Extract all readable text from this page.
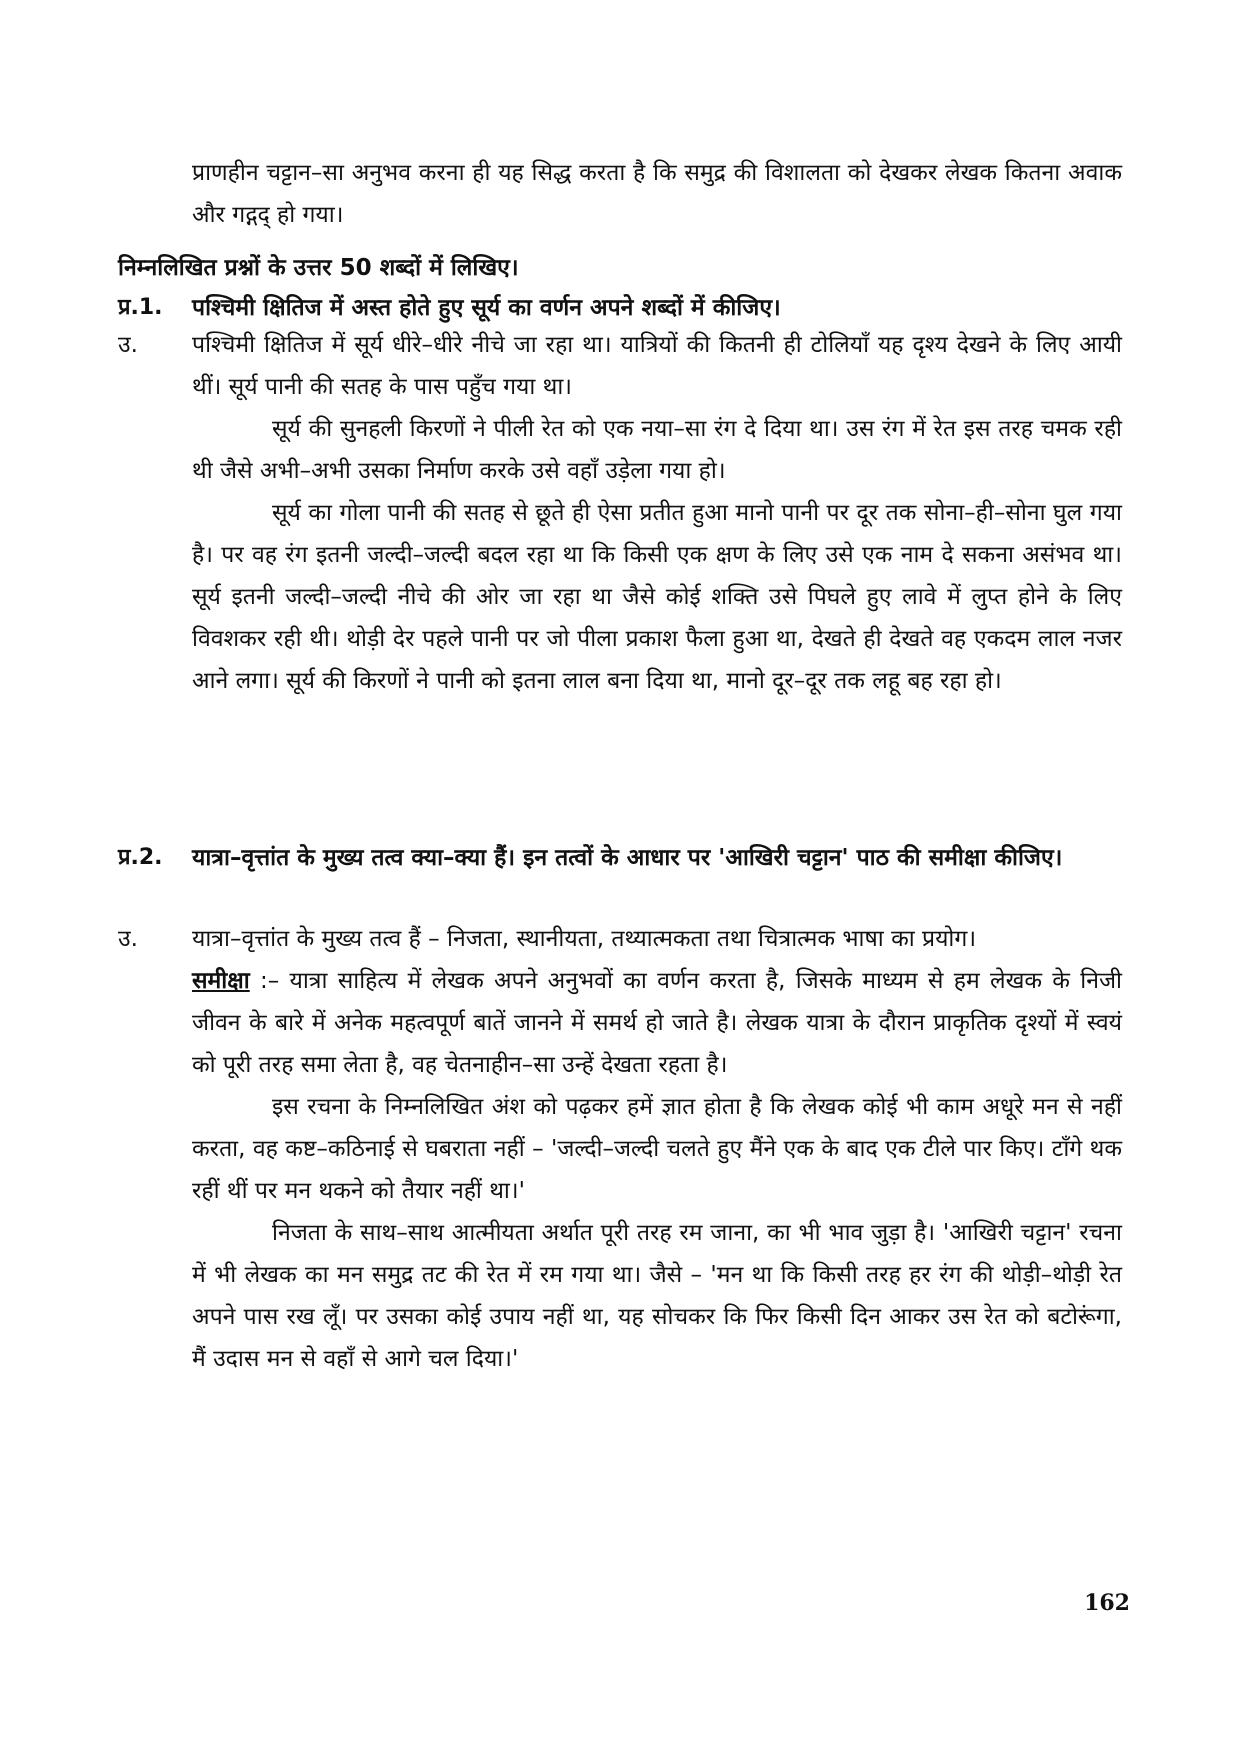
प्राणहीन चट्टान–सा अनुभव करना ही यह सिद्ध करता है कि समुद्र की विशालता को देखकर लेखक कितना अवाक और गद्गद् हो गया।

निम्नलिखित प्रश्नों के उत्तर 50 शब्दों में लिखिए।
प्र.1.	पश्चिमी क्षितिज में अस्त होते हुए सूर्य का वर्णन अपने शब्दों में कीजिए।
उ.	पश्चिमी क्षितिज में सूर्य धीरे–धीरे नीचे जा रहा था। यात्रियों की कितनी ही टोलियाँ यह दृश्य देखने के लिए आयी थीं। सूर्य पानी की सतह के पास पहुँच गया था।

सूर्य की सुनहली किरणों ने पीली रेत को एक नया–सा रंग दे दिया था। उस रंग में रेत इस तरह चमक रही थी जैसे अभी–अभी उसका निर्माण करके उसे वहाँ उड़ेला गया हो।

सूर्य का गोला पानी की सतह से छूते ही ऐसा प्रतीत हुआ मानो पानी पर दूर तक सोना–ही–सोना घुल गया है। पर वह रंग इतनी जल्दी–जल्दी बदल रहा था कि किसी एक क्षण के लिए उसे एक नाम दे सकना असंभव था। सूर्य इतनी जल्दी–जल्दी नीचे की ओर जा रहा था जैसे कोई शक्ति उसे पिघले हुए लावे में लुप्त होने के लिए विवशकर रही थी। थोड़ी देर पहले पानी पर जो पीला प्रकाश फैला हुआ था, देखते ही देखते वह एकदम लाल नजर आने लगा। सूर्य की किरणों ने पानी को इतना लाल बना दिया था, मानो दूर–दूर तक लहू बह रहा हो।

प्र.2.	यात्रा–वृत्तांत के मुख्य तत्व क्या–क्या हैं। इन तत्वों के आधार पर 'आखिरी चट्टान' पाठ की समीक्षा कीजिए।
उ.	यात्रा–वृत्तांत के मुख्य तत्व हैं – निजता, स्थानीयता, तथ्यात्मकता तथा चित्रात्मक भाषा का प्रयोग।

समीक्षा :– यात्रा साहित्य में लेखक अपने अनुभवों का वर्णन करता है, जिसके माध्यम से हम लेखक के निजी जीवन के बारे में अनेक महत्वपूर्ण बातें जानने में समर्थ हो जाते है। लेखक यात्रा के दौरान प्राकृतिक दृश्यों में स्वयं को पूरी तरह समा लेता है, वह चेतनाहीन–सा उन्हें देखता रहता है।

इस रचना के निम्नलिखित अंश को पढ़कर हमें ज्ञात होता है कि लेखक कोई भी काम अधूरे मन से नहीं करता, वह कष्ट–कठिनाई से घबराता नहीं – 'जल्दी–जल्दी चलते हुए मैंने एक के बाद एक टीले पार किए। टाँगे थक रहीं थीं पर मन थकने को तैयार नहीं था।'

निजता के साथ–साथ आत्मीयता अर्थात पूरी तरह रम जाना, का भी भाव जुड़ा है। 'आखिरी चट्टान' रचना में भी लेखक का मन समुद्र तट की रेत में रम गया था। जैसे – 'मन था कि किसी तरह हर रंग की थोड़ी–थोड़ी रेत अपने पास रख लूँ। पर उसका कोई उपाय नहीं था, यह सोचकर कि फिर किसी दिन आकर उस रेत को बटोरूंगा, मैं उदास मन से वहाँ से आगे चल दिया।'

162
